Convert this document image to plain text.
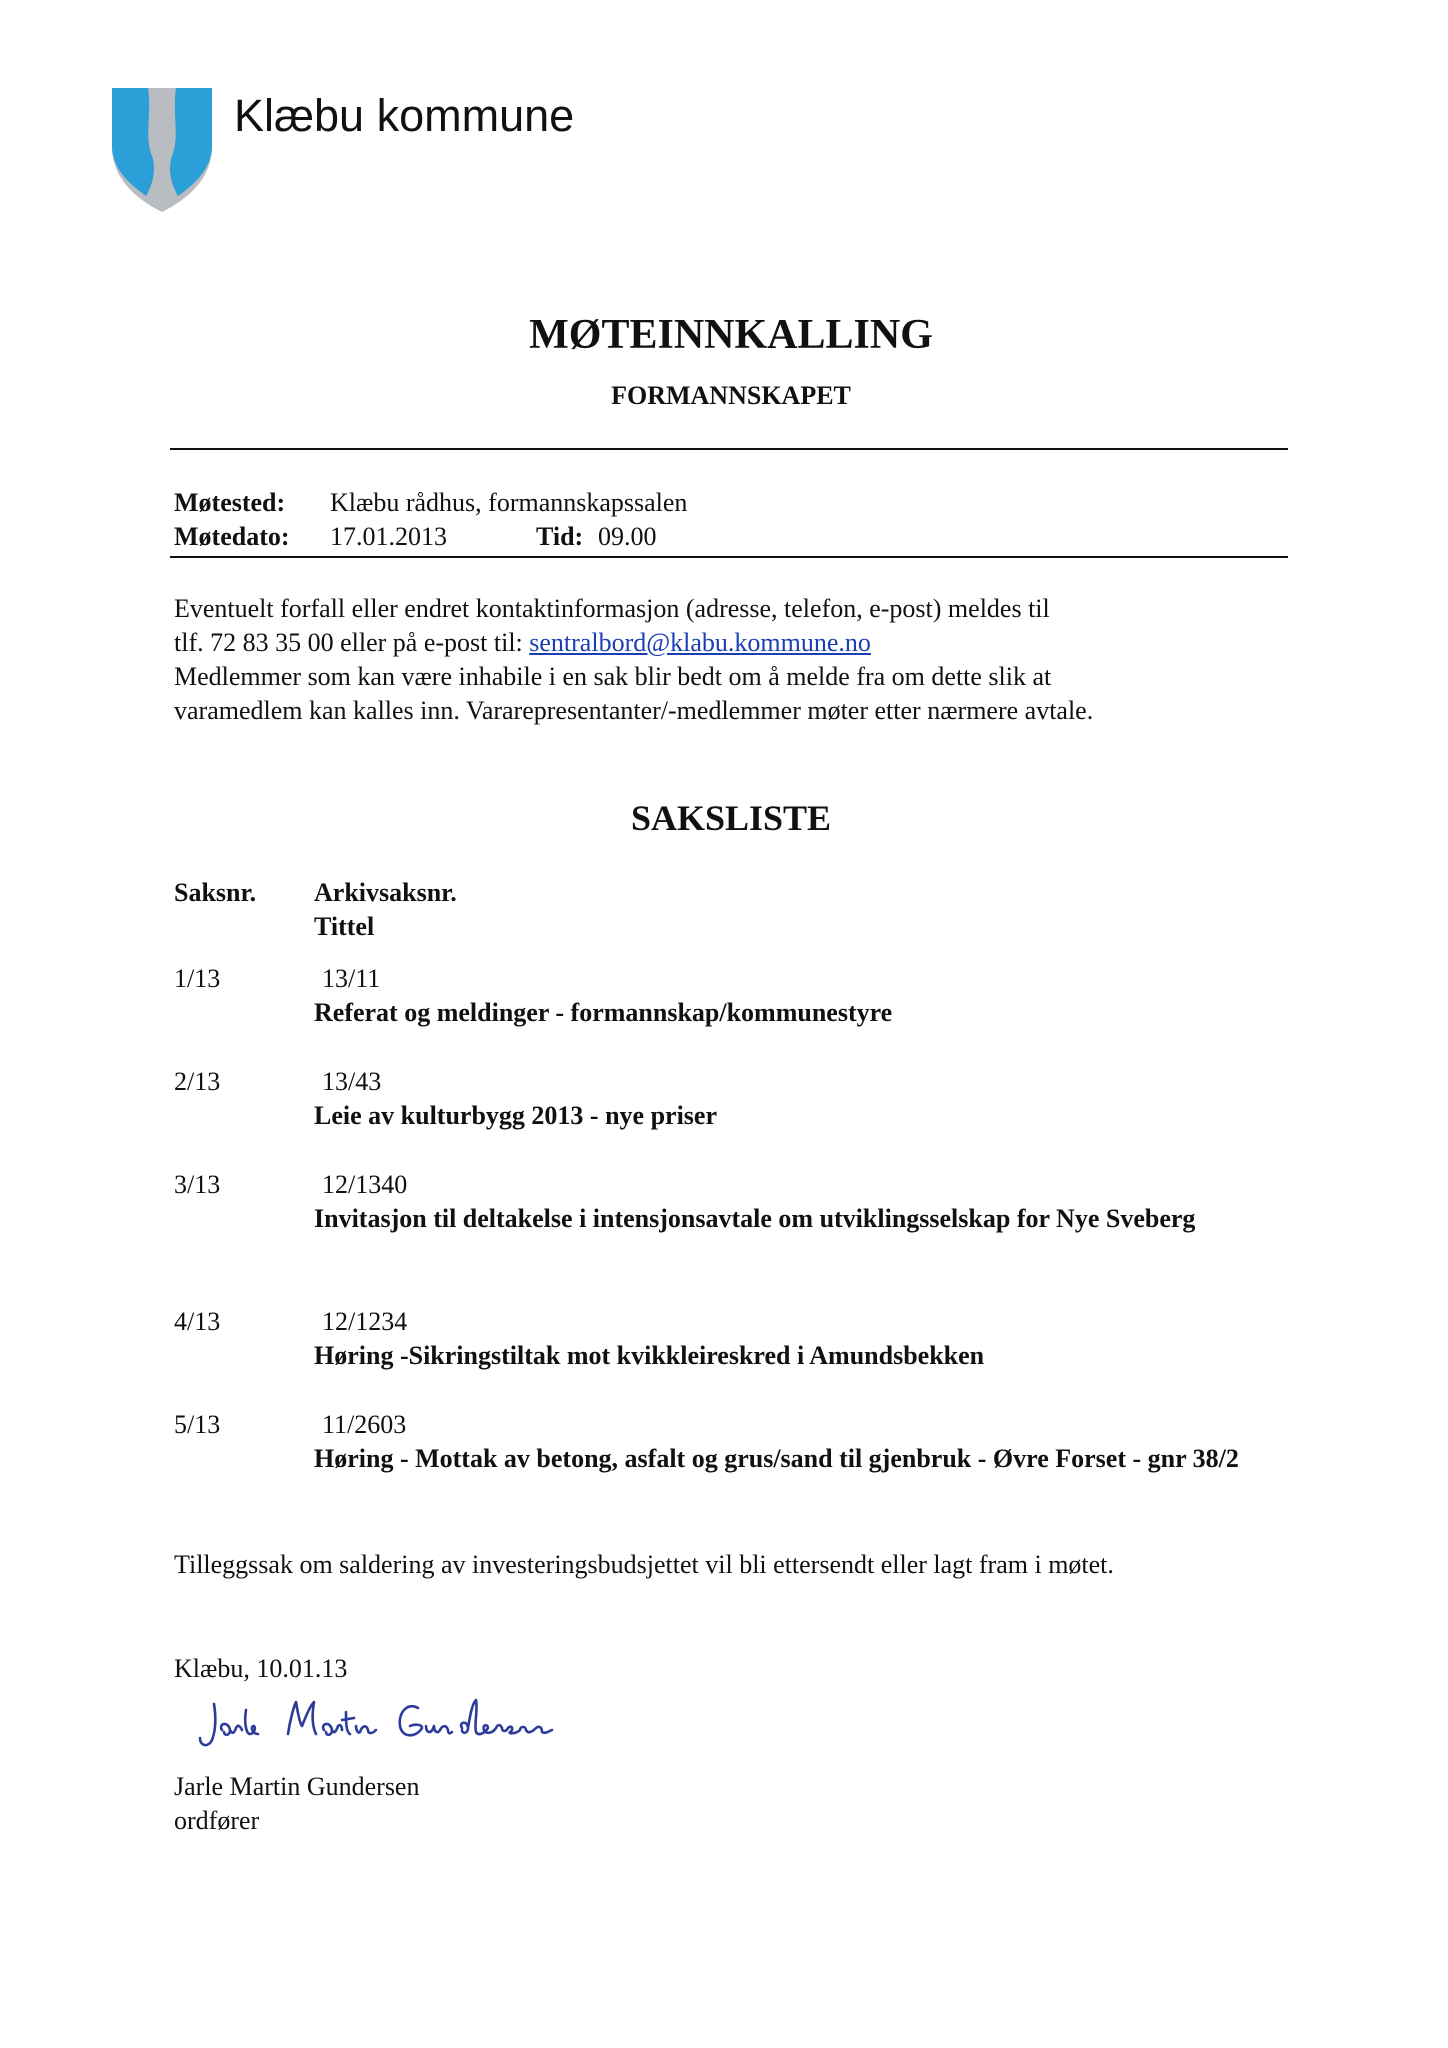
Klæbu kommune
MØTEINNKALLING
FORMANNSKAPET
Møtested: Klæbu rådhus, formannskapssalen
Møtedato: 17.01.2013	Tid: 09.00
Eventuelt forfall eller endret kontaktinformasjon (adresse, telefon, e-post) meldes til
tlf. 72 83 35 00 eller på e-post til: sentralbord@klabu.kommune.no
Medlemmer som kan være inhabile i en sak blir bedt om å melde fra om dette slik at
varamedlem kan kalles inn. Vararepresentanter/-medlemmer møter etter nærmere avtale.
SAKSLISTE
Saksnr. Arkivsaksnr.
Tittel
1/13	13/11
Referat og meldinger - formannskap/kommunestyre
2/13	13/43
Leie av kulturbygg 2013 - nye priser
3/13	12/1340
Invitasjon til deltakelse i intensjonsavtale om utviklingsselskap for Nye Sveberg
4/13	12/1234
Høring -Sikringstiltak mot kvikkleireskred i Amundsbekken
5/13	11/2603
Høring - Mottak av betong, asfalt og grus/sand til gjenbruk - Øvre Forset - gnr 38/2
Tilleggssak om saldering av investeringsbudsjettet vil bli ettersendt eller lagt fram i møtet.
Klæbu, 10.01.13
Jarle Martin Gundersen
ordfører
